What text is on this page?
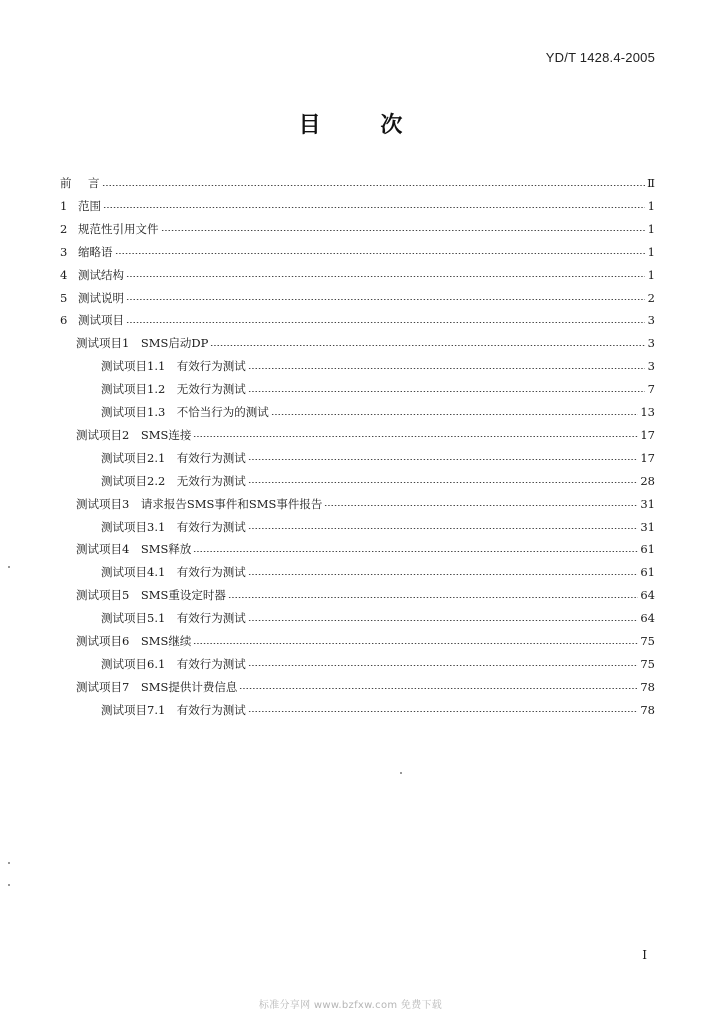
YD/T 1428.4-2005
目 次
前	言	Ⅱ
1 范围	1
2 规范性引用文件	1
3 缩略语	1
4 测试结构	1
5 测试说明	2
6 测试项目	3
测试项目1　SMS启动DP	3
测试项目1.1　有效行为测试	3
测试项目1.2　无效行为测试	7
测试项目1.3　不恰当行为的测试	13
测试项目2　SMS连接	17
测试项目2.1　有效行为测试	17
测试项目2.2　无效行为测试	28
测试项目3　请求报告SMS事件和SMS事件报告	31
测试项目3.1　有效行为测试	31
测试项目4　SMS释放	61
测试项目4.1　有效行为测试	61
测试项目5　SMS重设定时器	64
测试项目5.1　有效行为测试	64
测试项目6　SMS继续	75
测试项目6.1　有效行为测试	75
测试项目7　SMS提供计费信息	78
测试项目7.1　有效行为测试	78
I
标准分享网 www.bzfxw.com 免费下载
